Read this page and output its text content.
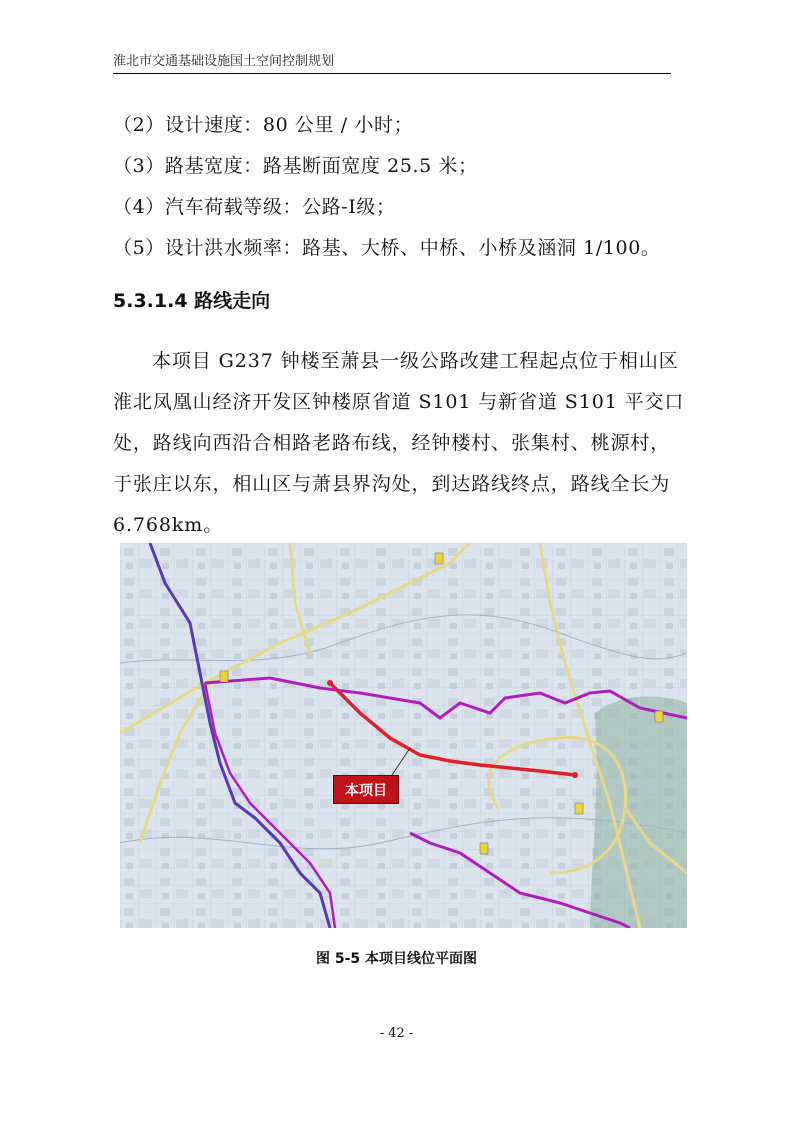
淮北市交通基础设施国土空间控制规划
（2）设计速度：80 公里 / 小时；
（3）路基宽度：路基断面宽度 25.5 米；
（4）汽车荷载等级：公路-Ⅰ级；
（5）设计洪水频率：路基、大桥、中桥、小桥及涵洞 1/100。
5.3.1.4 路线走向
本项目 G237 钟楼至萧县一级公路改建工程起点位于相山区
淮北凤凰山经济开发区钟楼原省道 S101 与新省道 S101 平交口
处，路线向西沿合相路老路布线，经钟楼村、张集村、桃源村，
于张庄以东，相山区与萧县界沟处，到达路线终点，路线全长为
6.768km。
本项目
图 5-5 本项目线位平面图
- 42 -
